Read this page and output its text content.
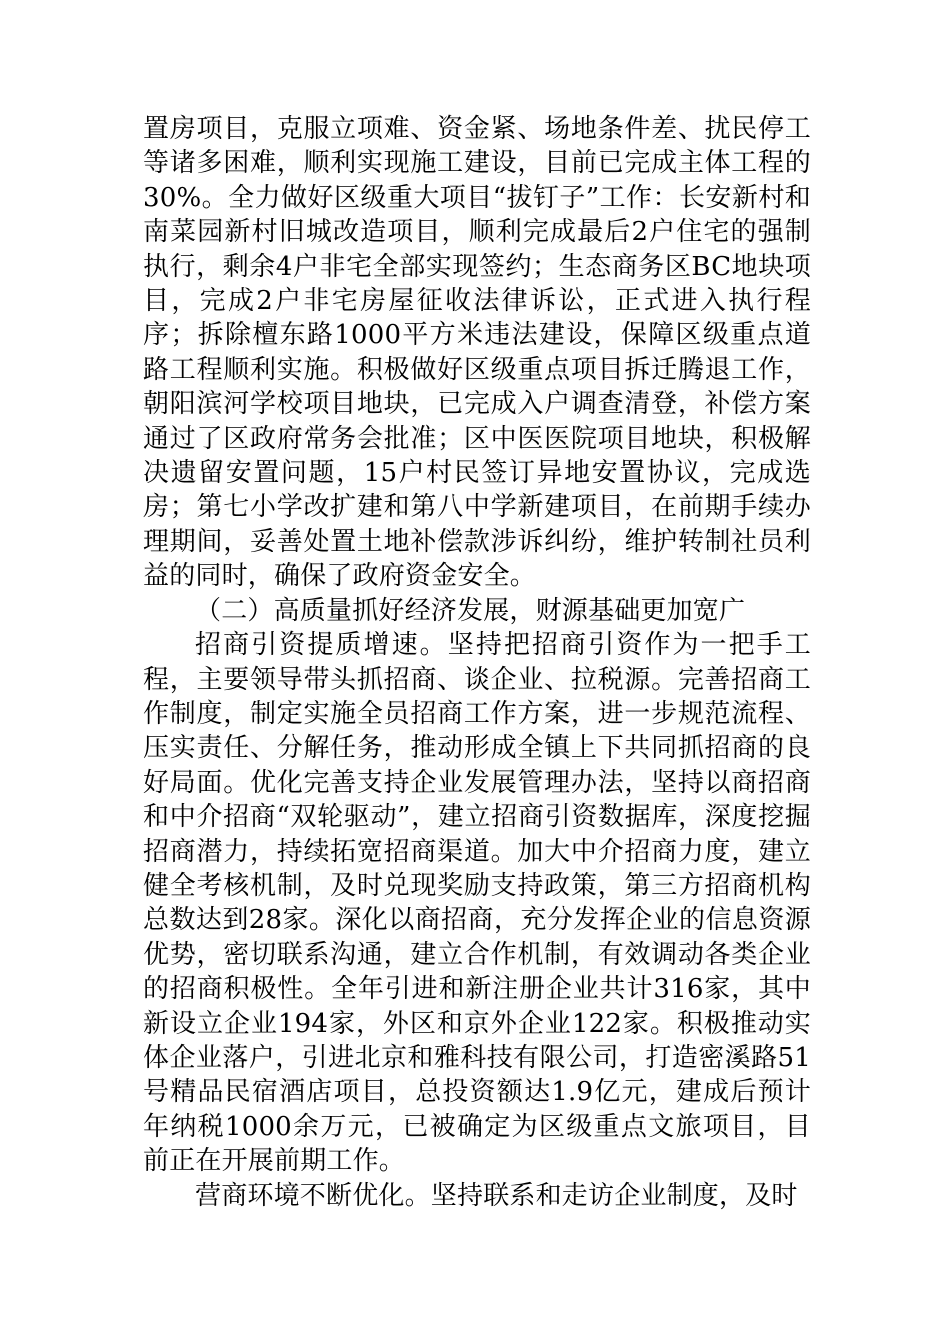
置房项目，克服立项难、资金紧、场地条件差、扰民停工等诸多困难，顺利实现施工建设，目前已完成主体工程的30%。全力做好区级重大项目“拔钉子”工作：长安新村和南菜园新村旧城改造项目，顺利完成最后2户住宅的强制执行，剩余4户非宅全部实现签约；生态商务区BC地块项目，完成2户非宅房屋征收法律诉讼，正式进入执行程序；拆除檀东路1000平方米违法建设，保障区级重点道路工程顺利实施。积极做好区级重点项目拆迁腾退工作，朝阳滨河学校项目地块，已完成入户调查清登，补偿方案通过了区政府常务会批准；区中医医院项目地块，积极解决遗留安置问题，15户村民签订异地安置协议，完成选房；第七小学改扩建和第八中学新建项目，在前期手续办理期间，妥善处置土地补偿款涉诉纠纷，维护转制社员利益的同时，确保了政府资金安全。

（二）高质量抓好经济发展，财源基础更加宽广

招商引资提质增速。坚持把招商引资作为一把手工程，主要领导带头抓招商、谈企业、拉税源。完善招商工作制度，制定实施全员招商工作方案，进一步规范流程、压实责任、分解任务，推动形成全镇上下共同抓招商的良好局面。优化完善支持企业发展管理办法，坚持以商招商和中介招商“双轮驱动”，建立招商引资数据库，深度挖掘招商潜力，持续拓宽招商渠道。加大中介招商力度，建立健全考核机制，及时兑现奖励支持政策，第三方招商机构总数达到28家。深化以商招商，充分发挥企业的信息资源优势，密切联系沟通，建立合作机制，有效调动各类企业的招商积极性。全年引进和新注册企业共计316家，其中新设立企业194家，外区和京外企业122家。积极推动实体企业落户，引进北京和雅科技有限公司，打造密溪路51号精品民宿酒店项目，总投资额达1.9亿元，建成后预计年纳税1000余万元，已被确定为区级重点文旅项目，目前正在开展前期工作。

营商环境不断优化。坚持联系和走访企业制度，及时
